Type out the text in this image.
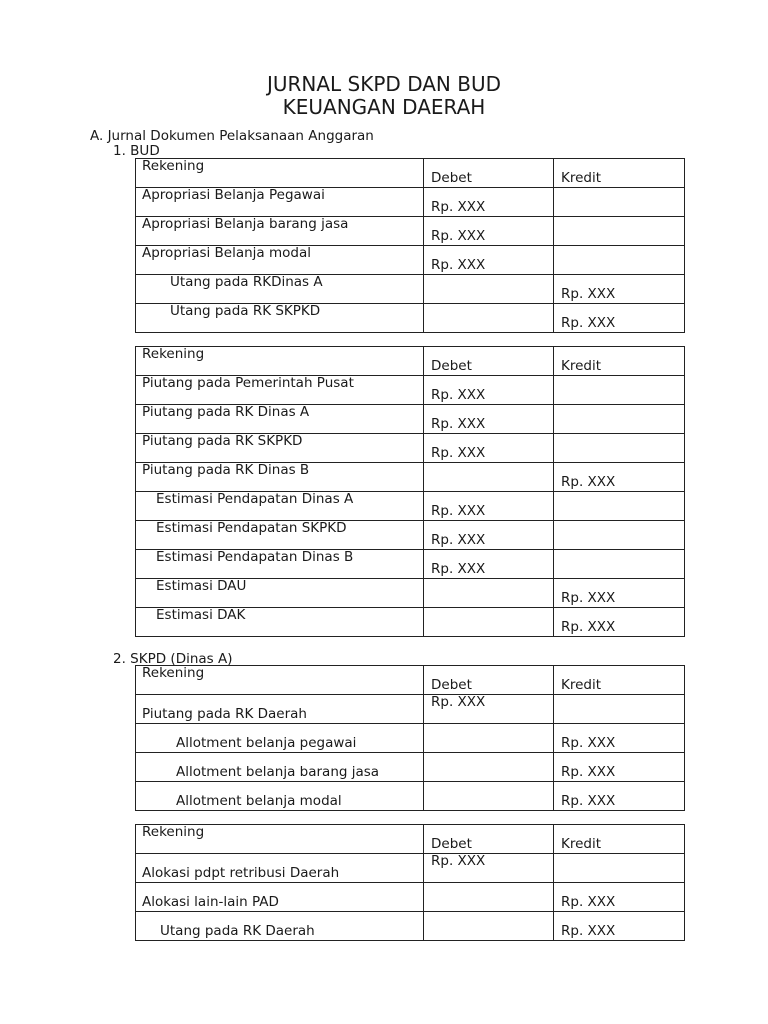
JURNAL SKPD DAN BUD
KEUANGAN DAERAH
A. Jurnal Dokumen Pelaksanaan Anggaran
1. BUD
2. SKPD (Dinas A)
Rekening	Debet	Kredit

Apropriasi Belanja Pegawai	Rp. XXX	

Apropriasi Belanja barang jasa	Rp. XXX	

Apropriasi Belanja modal	Rp. XXX	

Utang pada RKDinas A		Rp. XXX

Utang pada RK SKPKD		Rp. XXX
Rekening	Debet	Kredit

Piutang pada Pemerintah Pusat	Rp. XXX	

Piutang pada RK Dinas A	Rp. XXX	

Piutang pada RK SKPKD	Rp. XXX	

Piutang pada RK Dinas B		Rp. XXX

Estimasi Pendapatan Dinas A	Rp. XXX	

Estimasi Pendapatan SKPKD	Rp. XXX	

Estimasi Pendapatan Dinas B	Rp. XXX	

Estimasi DAU		Rp. XXX

Estimasi DAK		Rp. XXX
Rekening	Debet	Kredit

Piutang pada RK Daerah	Rp. XXX	

Allotment belanja pegawai		Rp. XXX

Allotment belanja barang jasa		Rp. XXX

Allotment belanja modal		Rp. XXX
Rekening	Debet	Kredit

Alokasi pdpt retribusi Daerah	Rp. XXX	

Alokasi lain-lain PAD		Rp. XXX

Utang pada RK Daerah		Rp. XXX
